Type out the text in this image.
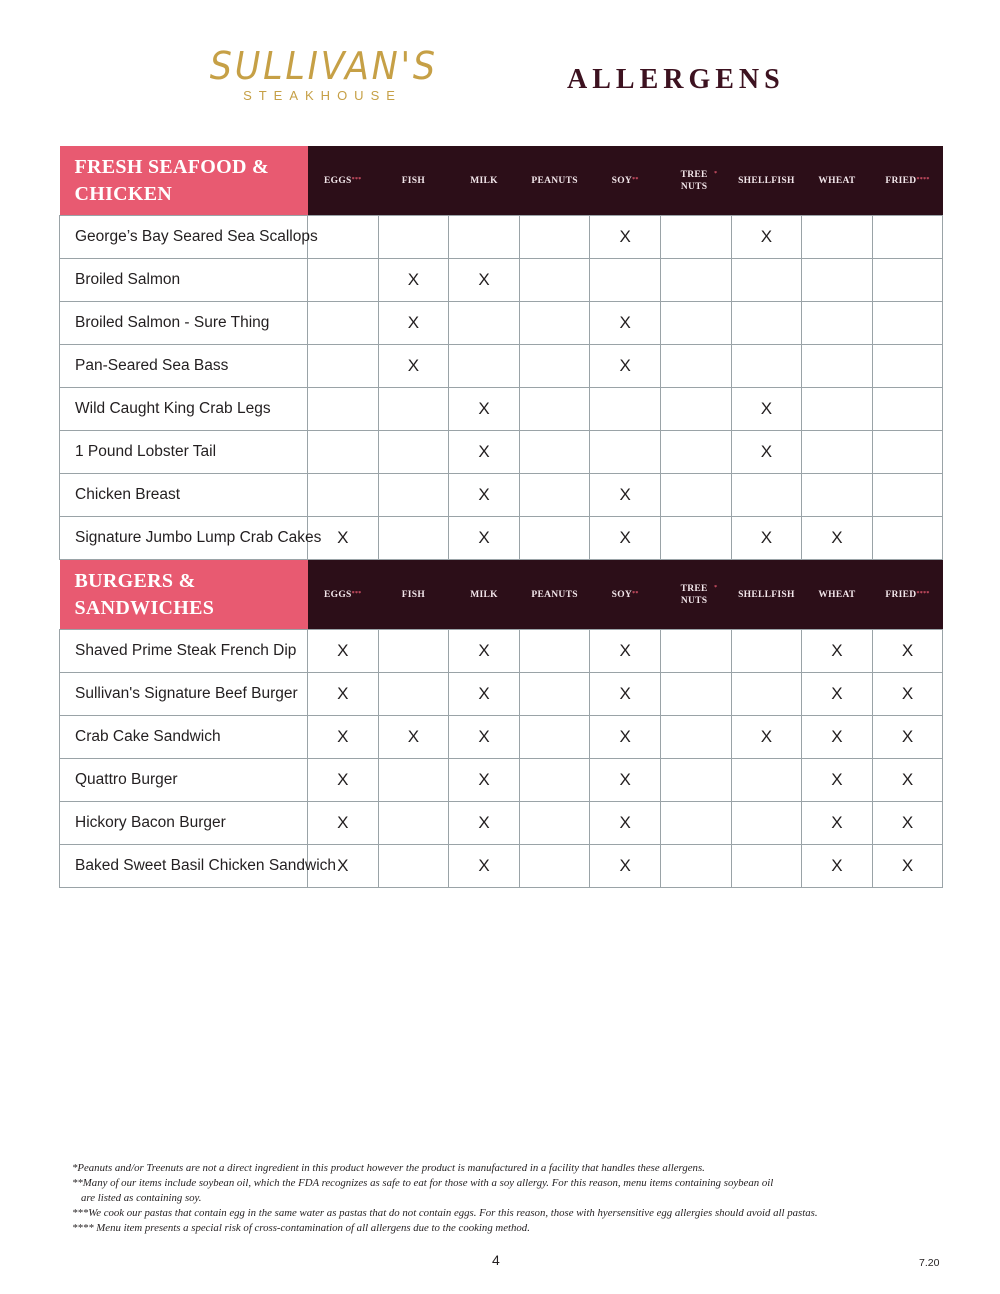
SULLIVAN'S
STEAKHOUSE
ALLERGENS
FRESH SEAFOOD & CHICKEN	EGGS***	FISH	MILK	PEANUTS	SOY**	TREE NUTS*	SHELLFISH	WHEAT	FRIED****
George’s Bay Seared Sea Scallops					X		X		
Broiled Salmon		X	X						
Broiled Salmon - Sure Thing		X			X				
Pan-Seared Sea Bass		X			X				
Wild Caught King Crab Legs			X				X		
1 Pound Lobster Tail			X				X		
Chicken Breast			X		X				
Signature Jumbo Lump Crab Cakes	X		X		X		X	X	
BURGERS & SANDWICHES	EGGS***	FISH	MILK	PEANUTS	SOY**	TREE NUTS*	SHELLFISH	WHEAT	FRIED****
Shaved Prime Steak French Dip	X		X		X			X	X
Sullivan's Signature Beef Burger	X		X		X			X	X
Crab Cake Sandwich	X	X	X		X		X	X	X
Quattro Burger	X		X		X			X	X
Hickory Bacon Burger	X		X		X			X	X
Baked Sweet Basil Chicken Sandwich	X		X		X			X	X

*Peanuts and/or Treenuts are not a direct ingredient in this product however the product is manufactured in a facility that handles these allergens.

**Many of our items include soybean oil, which the FDA recognizes as safe to eat for those with a soy allergy. For this reason, menu items containing soybean oil

are listed as containing soy.

***We cook our pastas that contain egg in the same water as pastas that do not contain eggs. For this reason, those with hyersensitive egg allergies should avoid all pastas.

**** Menu item presents a special risk of cross-contamination of all allergens due to the cooking method.

4	7.20
